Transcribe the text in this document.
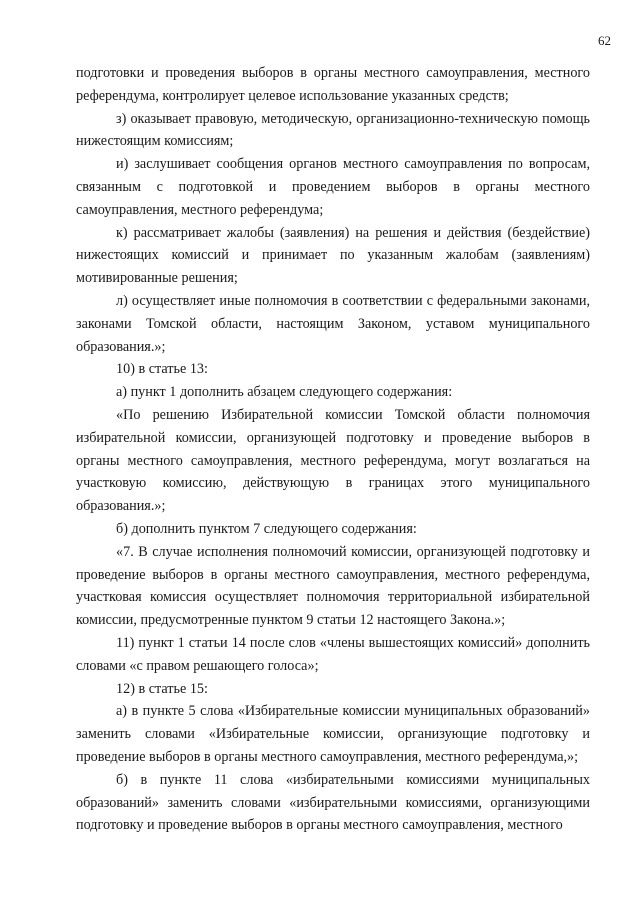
62

подготовки и проведения выборов в органы местного самоуправления, местного референдума, контролирует целевое использование указанных средств;

з) оказывает правовую, методическую, организационно-техническую помощь нижестоящим комиссиям;

и) заслушивает сообщения органов местного самоуправления по вопросам, связанным с подготовкой и проведением выборов в органы местного самоуправления, местного референдума;

к) рассматривает жалобы (заявления) на решения и действия (бездействие) нижестоящих комиссий и принимает по указанным жалобам (заявлениям) мотивированные решения;

л) осуществляет иные полномочия в соответствии с федеральными законами, законами Томской области, настоящим Законом, уставом муниципального образования.»;

10) в статье 13:

а) пункт 1 дополнить абзацем следующего содержания:

«По решению Избирательной комиссии Томской области полномочия избирательной комиссии, организующей подготовку и проведение выборов в органы местного самоуправления, местного референдума, могут возлагаться на участковую комиссию, действующую в границах этого муниципального образования.»;

б) дополнить пунктом 7 следующего содержания:

«7. В случае исполнения полномочий комиссии, организующей подготовку и проведение выборов в органы местного самоуправления, местного референдума, участковая комиссия осуществляет полномочия территориальной избирательной комиссии, предусмотренные пунктом 9 статьи 12 настоящего Закона.»;

11) пункт 1 статьи 14 после слов «члены вышестоящих комиссий» дополнить словами «с правом решающего голоса»;

12) в статье 15:

а) в пункте 5 слова «Избирательные комиссии муниципальных образований» заменить словами «Избирательные комиссии, организующие подготовку и проведение выборов в органы местного самоуправления, местного референдума,»;

б) в пункте 11 слова «избирательными комиссиями муниципальных образований» заменить словами «избирательными комиссиями, организующими подготовку и проведение выборов в органы местного самоуправления, местного
